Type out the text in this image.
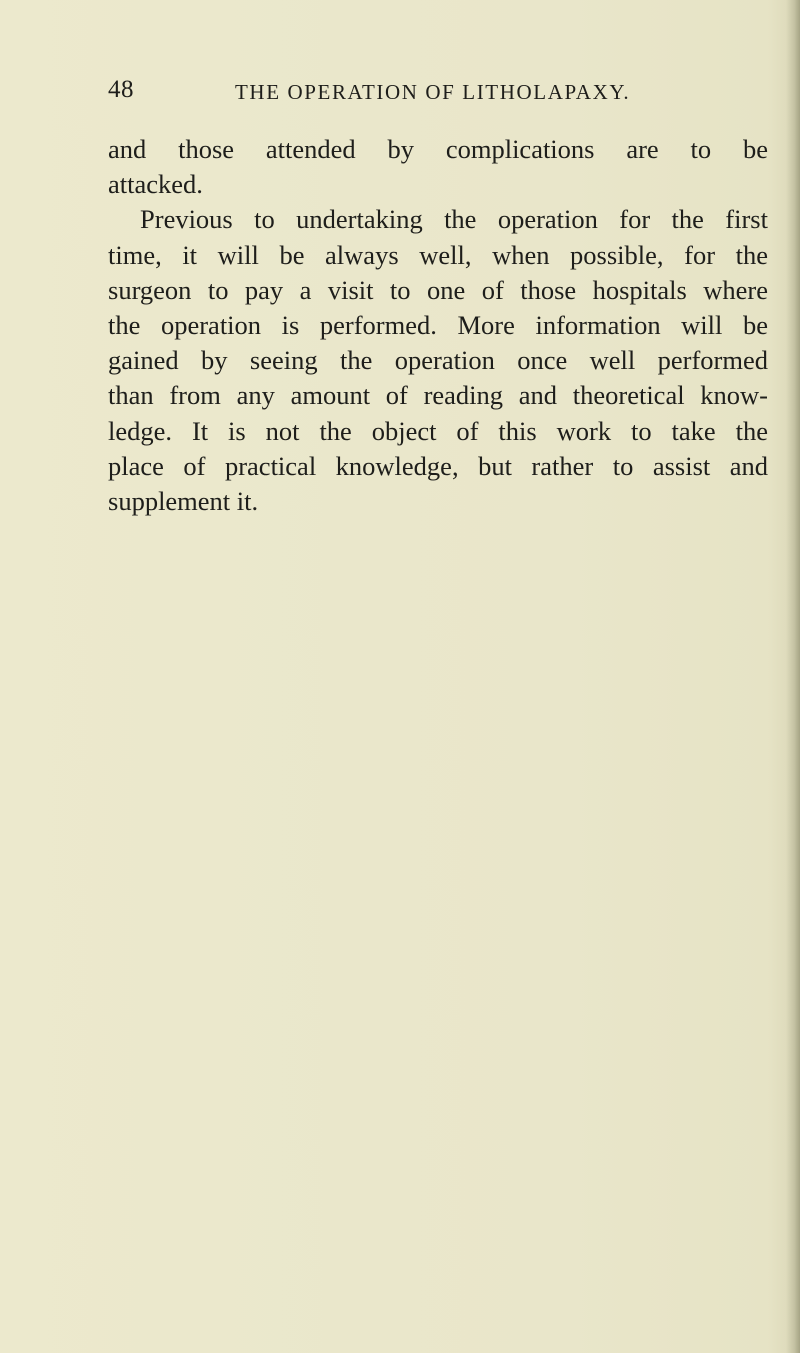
48	THE OPERATION OF LITHOLAPAXY.
and those attended by complications are to be
attacked.
Previous to undertaking the operation for the first
time, it will be always well, when possible, for the
surgeon to pay a visit to one of those hospitals where
the operation is performed. More information will be
gained by seeing the operation once well performed
than from any amount of reading and theoretical know-
ledge. It is not the object of this work to take the
place of practical knowledge, but rather to assist and
supplement it.
